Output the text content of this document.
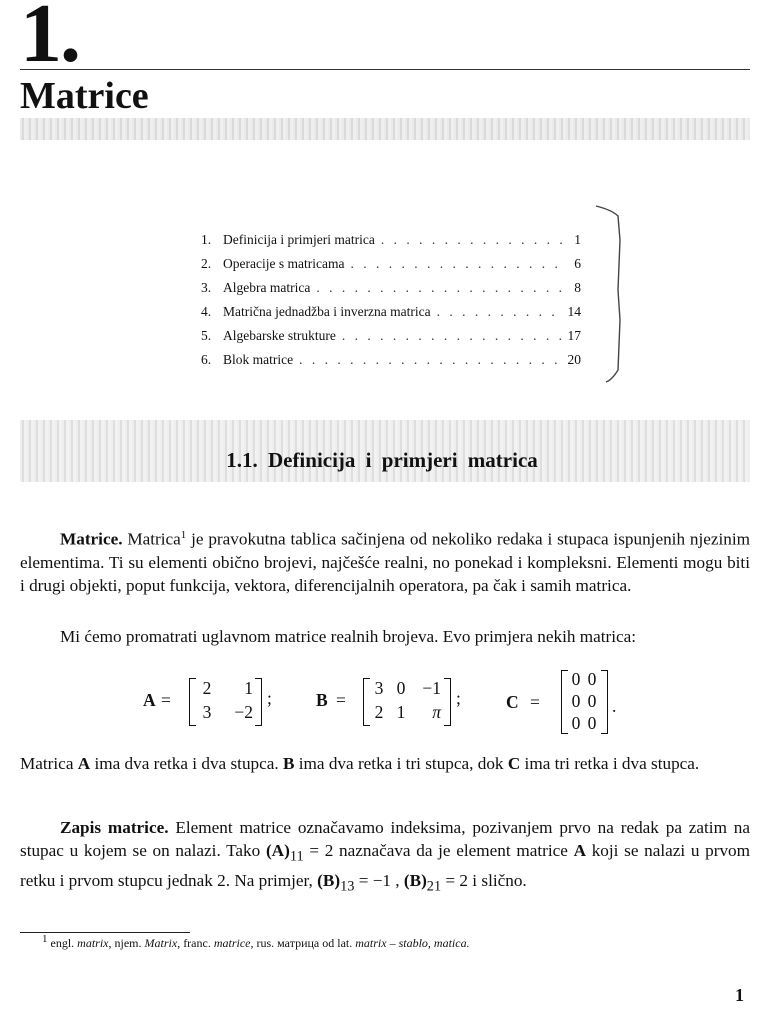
1.
Matrice
1. Definicija i primjeri matrica . . .	1
2. Operacije s matricama . . .	6
3. Algebra matrica . . .	8
4. Matrična jednadžba i inverzna matrica . . .	14
5. Algebarske strukture . . .	17
6. Blok matrice . . .	20
1.1. Definicija i primjeri matrica
Matrice. Matrica$^1$ je pravokutna tablica sačinjena od nekoliko redaka i stupaca ispunjenih njezinim elementima. Ti su elementi obično brojevi, najčešće realni, no ponekad i kompleksni. Elementi mogu biti i drugi objekti, poput funkcija, vektora, diferencijalnih operatora, pa čak i samih matrica.
Mi ćemo promatrati uglavnom matrice realnih brojeva. Evo primjera nekih matrica:
A =
2	1
3	−2
;	B =
3 0 −1
2 1	π
;	C =
0 0
0 0
0 0
.
Matrica A ima dva retka i dva stupca. B ima dva retka i tri stupca, dok C ima tri retka i dva stupca.
Zapis matrice. Element matrice označavamo indeksima, pozivanjem prvo na redak pa zatim na stupac u kojem se on nalazi. Tako $(A)_{11} = 2$ naznačava da je element matrice A koji se nalazi u prvom retku i prvom stupcu jednak 2. Na primjer, $(B)_{13} = -1$ , $(B)_{21} = 2$ i slično.
$^1$ engl. matrix, njem. Matrix, franc. matrice, rus. матрица od lat. matrix – stablo, matica.
1
